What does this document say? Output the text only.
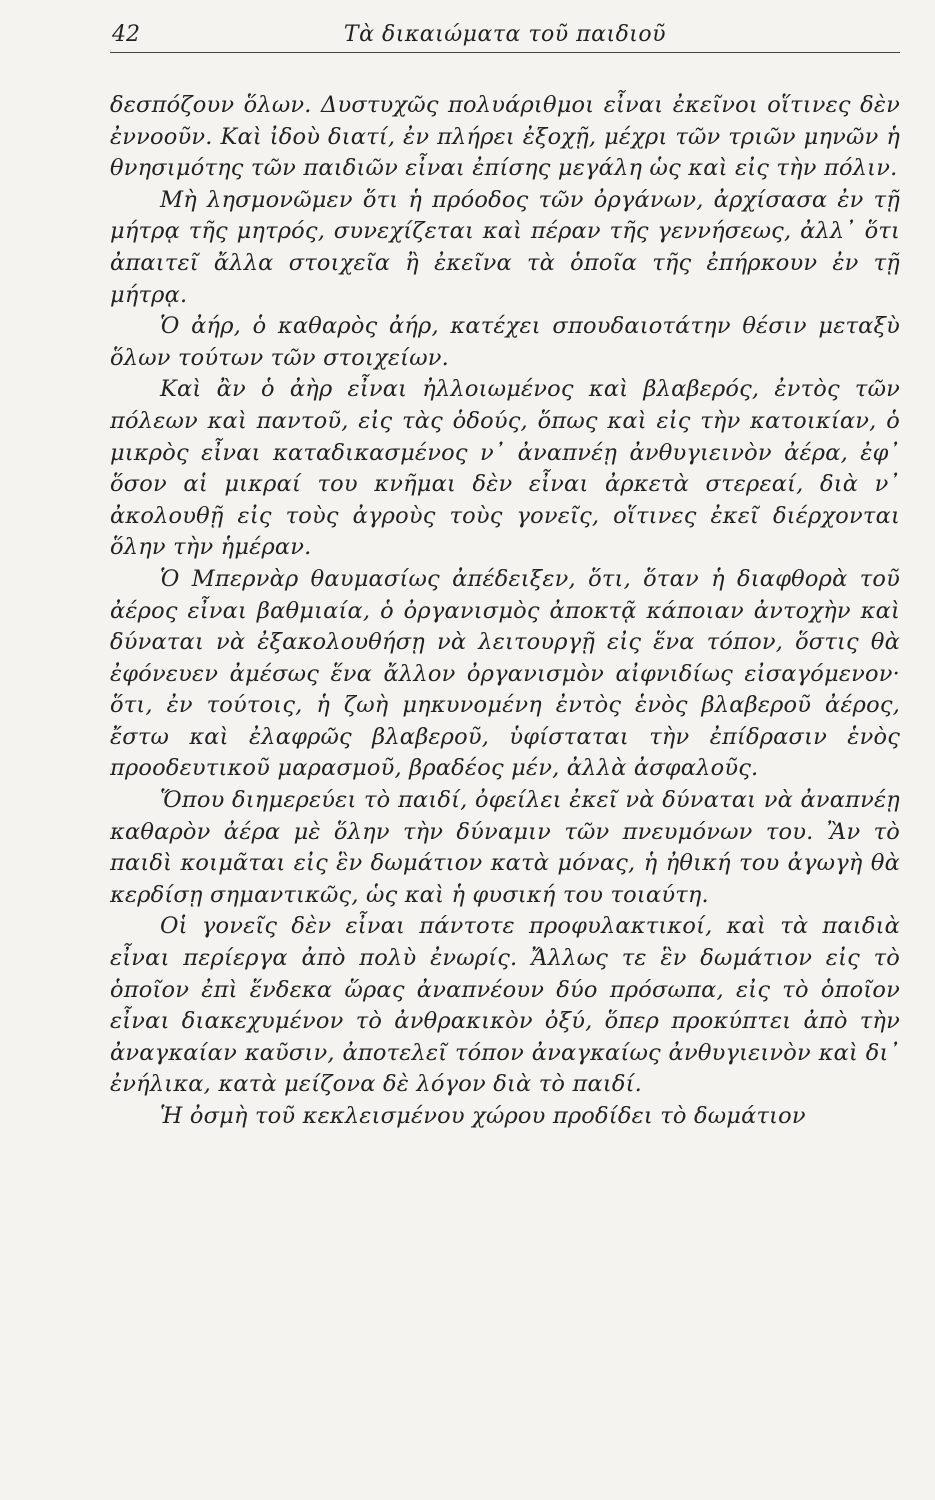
42	Τὰ δικαιώματα τοῦ παιδιοῦ

δεσπόζουν ὅλων. Δυστυχῶς πολυάριθμοι εἶναι ἐκεῖνοι οἵτινες δὲν ἐννοοῦν. Καὶ ἰδοὺ διατί, ἐν πλήρει ἐξοχῇ, μέχρι τῶν τριῶν μηνῶν ἡ θνησιμότης τῶν παιδιῶν εἶναι ἐπίσης μεγάλη ὡς καὶ εἰς τὴν πόλιν.

Μὴ λησμονῶμεν ὅτι ἡ πρόοδος τῶν ὀργάνων, ἀρχίσασα ἐν τῇ μήτρᾳ τῆς μητρός, συνεχίζεται καὶ πέραν τῆς γεννήσεως, ἀλλ᾽ ὅτι ἀπαιτεῖ ἄλλα στοιχεῖα ἢ ἐκεῖνα τὰ ὁποῖα τῆς ἐπήρκουν ἐν τῇ μήτρᾳ.

Ὁ ἀήρ, ὁ καθαρὸς ἀήρ, κατέχει σπουδαιοτάτην θέσιν μεταξὺ ὅλων τούτων τῶν στοιχείων.

Καὶ ἂν ὁ ἀὴρ εἶναι ἠλλοιωμένος καὶ βλαβερός, ἐντὸς τῶν πόλεων καὶ παντοῦ, εἰς τὰς ὁδούς, ὅπως καὶ εἰς τὴν κατοικίαν, ὁ μικρὸς εἶναι καταδικασμένος ν᾽ ἀναπνέῃ ἀνθυγιεινὸν ἀέρα, ἐφ᾽ ὅσον αἱ μικραί του κνῆμαι δὲν εἶναι ἀρκετὰ στερεαί, διὰ ν᾽ ἀκολουθῇ εἰς τοὺς ἀγροὺς τοὺς γονεῖς, οἵτινες ἐκεῖ διέρχονται ὅλην τὴν ἡμέραν.

Ὁ Μπερνὰρ θαυμασίως ἀπέδειξεν, ὅτι, ὅταν ἡ διαφθορὰ τοῦ ἀέρος εἶναι βαθμιαία, ὁ ὀργανισμὸς ἀποκτᾷ κάποιαν ἀντοχὴν καὶ δύναται νὰ ἐξακολουθήσῃ νὰ λειτουργῇ εἰς ἕνα τόπον, ὅστις θὰ ἐφόνευεν ἀμέσως ἕνα ἄλλον ὀργανισμὸν αἰφνιδίως εἰσαγόμενον· ὅτι, ἐν τούτοις, ἡ ζωὴ μηκυνομένη ἐντὸς ἑνὸς βλαβεροῦ ἀέρος, ἔστω καὶ ἐλαφρῶς βλαβεροῦ, ὑφίσταται τὴν ἐπίδρασιν ἑνὸς προοδευτικοῦ μαρασμοῦ, βραδέος μέν, ἀλλὰ ἀσφαλοῦς.

Ὅπου διημερεύει τὸ παιδί, ὀφείλει ἐκεῖ νὰ δύναται νὰ ἀναπνέῃ καθαρὸν ἀέρα μὲ ὅλην τὴν δύναμιν τῶν πνευμόνων του. Ἂν τὸ παιδὶ κοιμᾶται εἰς ἓν δωμάτιον κατὰ μόνας, ἡ ἠθική του ἀγωγὴ θὰ κερδίσῃ σημαντικῶς, ὡς καὶ ἡ φυσική του τοιαύτη.

Οἱ γονεῖς δὲν εἶναι πάντοτε προφυλακτικοί, καὶ τὰ παιδιὰ εἶναι περίεργα ἀπὸ πολὺ ἐνωρίς. Ἄλλως τε ἓν δωμάτιον εἰς τὸ ὁποῖον ἐπὶ ἕνδεκα ὥρας ἀναπνέουν δύο πρόσωπα, εἰς τὸ ὁποῖον εἶναι διακεχυμένον τὸ ἀνθρακικὸν ὀξύ, ὅπερ προκύπτει ἀπὸ τὴν ἀναγκαίαν καῦσιν, ἀποτελεῖ τόπον ἀναγκαίως ἀνθυγιεινὸν καὶ δι᾽ ἐνήλικα, κατὰ μείζονα δὲ λόγον διὰ τὸ παιδί.

Ἡ ὀσμὴ τοῦ κεκλεισμένου χώρου προδίδει τὸ δωμάτιον
